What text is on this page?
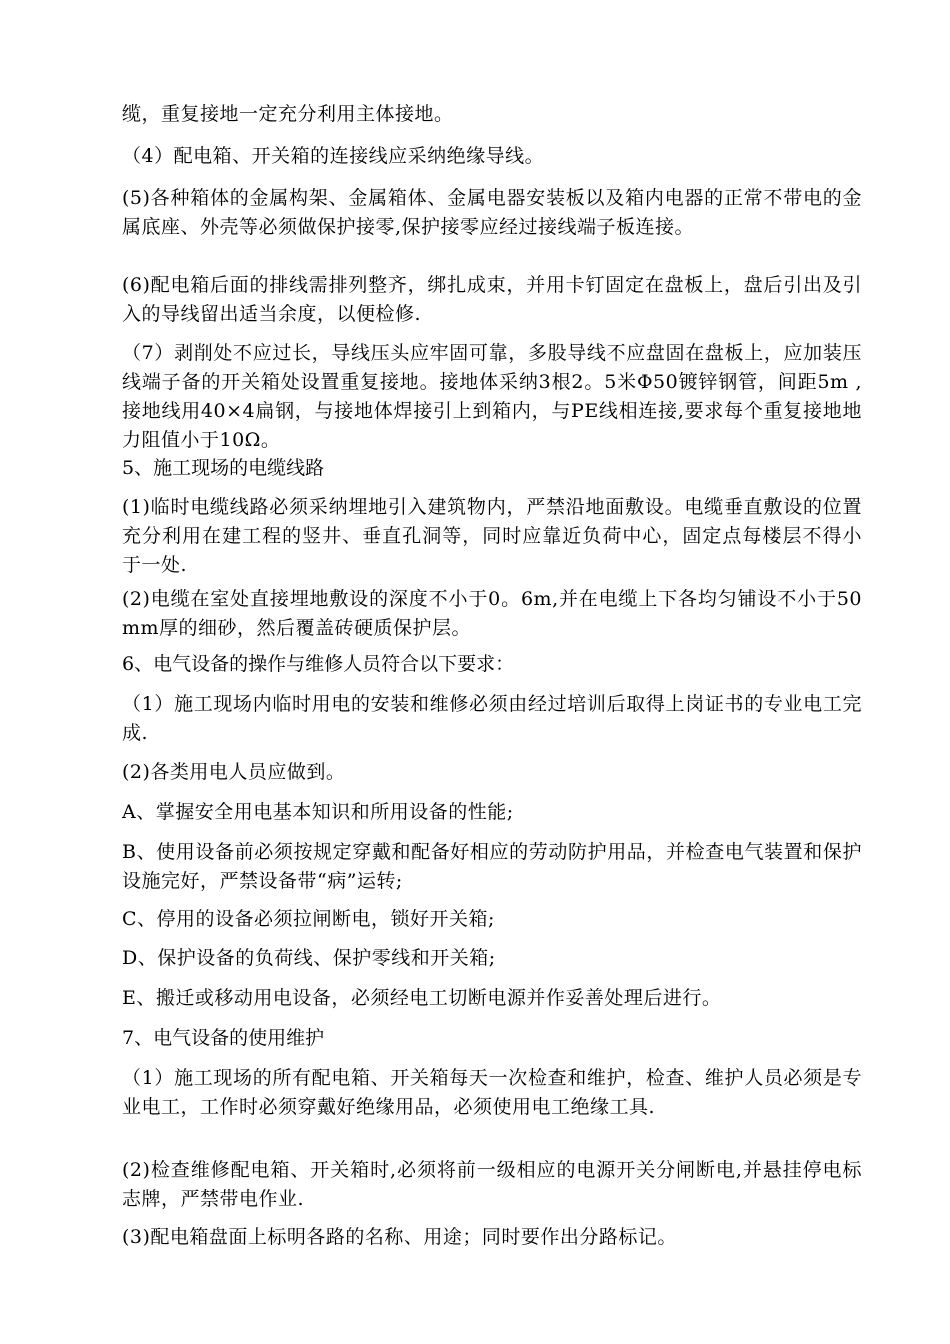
缆，重复接地一定充分利用主体接地。

（4）配电箱、开关箱的连接线应采纳绝缘导线。

(5)各种箱体的金属构架、金属箱体、金属电器安装板以及箱内电器的正常不带电的金属底座、外壳等必须做保护接零,保护接零应经过接线端子板连接。

(6)配电箱后面的排线需排列整齐，绑扎成束，并用卡钉固定在盘板上，盘后引出及引入的导线留出适当余度，以便检修.

（7）剥削处不应过长，导线压头应牢固可靠，多股导线不应盘固在盘板上，应加装压线端子备的开关箱处设置重复接地。接地体采纳3根2。5米Φ50镀锌钢管，间距5m ,接地线用40×4扁钢，与接地体焊接引上到箱内，与PE线相连接,要求每个重复接地地力阻值小于10Ω。

5、施工现场的电缆线路

(1)临时电缆线路必须采纳埋地引入建筑物内，严禁沿地面敷设。电缆垂直敷设的位置充分利用在建工程的竖井、垂直孔洞等，同时应靠近负荷中心，固定点每楼层不得小于一处.

(2)电缆在室处直接埋地敷设的深度不小于0。6m,并在电缆上下各均匀铺设不小于50mm厚的细砂，然后覆盖砖硬质保护层。

6、电气设备的操作与维修人员符合以下要求：

（1）施工现场内临时用电的安装和维修必须由经过培训后取得上岗证书的专业电工完成.

(2)各类用电人员应做到。

A、掌握安全用电基本知识和所用设备的性能;

B、使用设备前必须按规定穿戴和配备好相应的劳动防护用品，并检查电气装置和保护设施完好，严禁设备带“病”运转;

C、停用的设备必须拉闸断电，锁好开关箱;

D、保护设备的负荷线、保护零线和开关箱;

E、搬迁或移动用电设备，必须经电工切断电源并作妥善处理后进行。

7、电气设备的使用维护

（1）施工现场的所有配电箱、开关箱每天一次检查和维护，检查、维护人员必须是专业电工，工作时必须穿戴好绝缘用品，必须使用电工绝缘工具.

(2)检查维修配电箱、开关箱时,必须将前一级相应的电源开关分闸断电,并悬挂停电标志牌，严禁带电作业.

(3)配电箱盘面上标明各路的名称、用途；同时要作出分路标记。
